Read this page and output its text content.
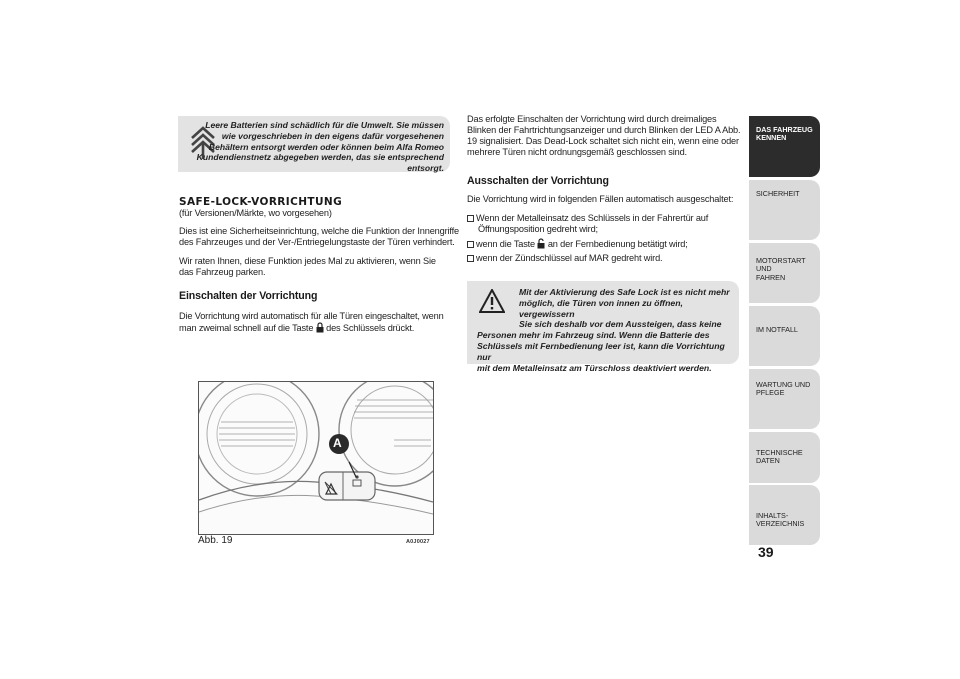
Leere Batterien sind schädlich für die Umwelt. Sie müssen

wie vorgeschrieben in den eigens dafür vorgesehenen

Behältern entsorgt werden oder können beim Alfa Romeo

Kundendienstnetz abgegeben werden, das sie entsprechend entsorgt.

SAFE-LOCK-VORRICHTUNG
(für Versionen/Märkte, wo vorgesehen)

Dies ist eine Sicherheitseinrichtung, welche die Funktion der Innengriffe

des Fahrzeuges und der Ver-/Entriegelungstaste der Türen verhindert.

Wir raten Ihnen, diese Funktion jedes Mal zu aktivieren, wenn Sie

das Fahrzeug parken.

Einschalten der Vorrichtung

Die Vorrichtung wird automatisch für alle Türen eingeschaltet, wenn

man zweimal schnell auf die Taste des Schlüssels drückt.

A
Abb. 19	A0J0027

Das erfolgte Einschalten der Vorrichtung wird durch dreimaliges

Blinken der Fahrtrichtungsanzeiger und durch Blinken der LED A Abb.

19 signalisiert. Das Dead-Lock schaltet sich nicht ein, wenn eine oder

mehrere Türen nicht ordnungsgemäß geschlossen sind.

Ausschalten der Vorrichtung
Die Vorrichtung wird in folgenden Fällen automatisch ausgeschaltet:

Wenn der Metalleinsatz des Schlüssels in der Fahrertür auf

Öffnungsposition gedreht wird;

wenn die Taste an der Fernbedienung betätigt wird;

wenn der Zündschlüssel auf MAR gedreht wird.

Mit der Aktivierung des Safe Lock ist es nicht mehr

möglich, die Türen von innen zu öffnen, vergewissern

Sie sich deshalb vor dem Aussteigen, dass keine

Personen mehr im Fahrzeug sind. Wenn die Batterie des

Schlüssels mit Fernbedienung leer ist, kann die Vorrichtung nur

mit dem Metalleinsatz am Türschloss deaktiviert werden.

DAS FAHRZEUG
KENNEN
SICHERHEIT
MOTORSTART UND
FAHREN
IM NOTFALL
WARTUNG UND
PFLEGE
TECHNISCHE DATEN
INHALTS-
VERZEICHNIS
39
